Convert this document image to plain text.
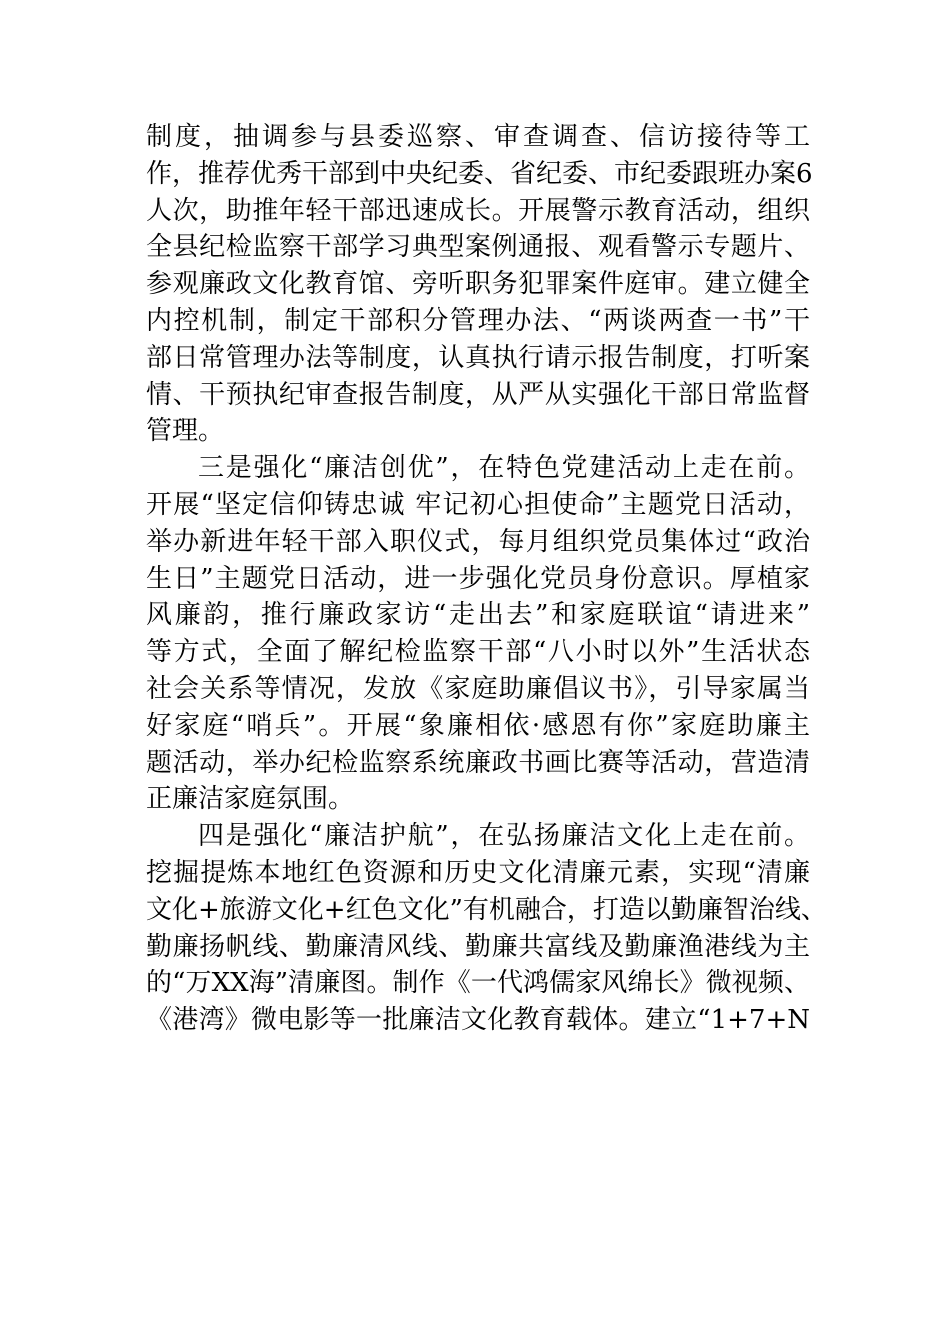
制度，抽调参与县委巡察、审查调查、信访接待等工
作，推荐优秀干部到中央纪委、省纪委、市纪委跟班办案6
人次，助推年轻干部迅速成长。开展警示教育活动，组织
全县纪检监察干部学习典型案例通报、观看警示专题片、
参观廉政文化教育馆、旁听职务犯罪案件庭审。建立健全
内控机制，制定干部积分管理办法、“两谈两查一书”干
部日常管理办法等制度，认真执行请示报告制度，打听案
情、干预执纪审查报告制度，从严从实强化干部日常监督
管理。
三是强化“廉洁创优”，在特色党建活动上走在前。
开展“坚定信仰铸忠诚 牢记初心担使命”主题党日活动，
举办新进年轻干部入职仪式，每月组织党员集体过“政治
生日”主题党日活动，进一步强化党员身份意识。厚植家
风廉韵，推行廉政家访“走出去”和家庭联谊“请进来”
等方式，全面了解纪检监察干部“八小时以外”生活状态
社会关系等情况，发放《家庭助廉倡议书》，引导家属当
好家庭“哨兵”。开展“象廉相依·感恩有你”家庭助廉主
题活动，举办纪检监察系统廉政书画比赛等活动，营造清
正廉洁家庭氛围。
四是强化“廉洁护航”，在弘扬廉洁文化上走在前。
挖掘提炼本地红色资源和历史文化清廉元素，实现“清廉
文化+旅游文化+红色文化”有机融合，打造以勤廉智治线、
勤廉扬帆线、勤廉清风线、勤廉共富线及勤廉渔港线为主
的“万XX海”清廉图。制作《一代鸿儒家风绵长》微视频、
《港湾》微电影等一批廉洁文化教育载体。建立“1+7+N
